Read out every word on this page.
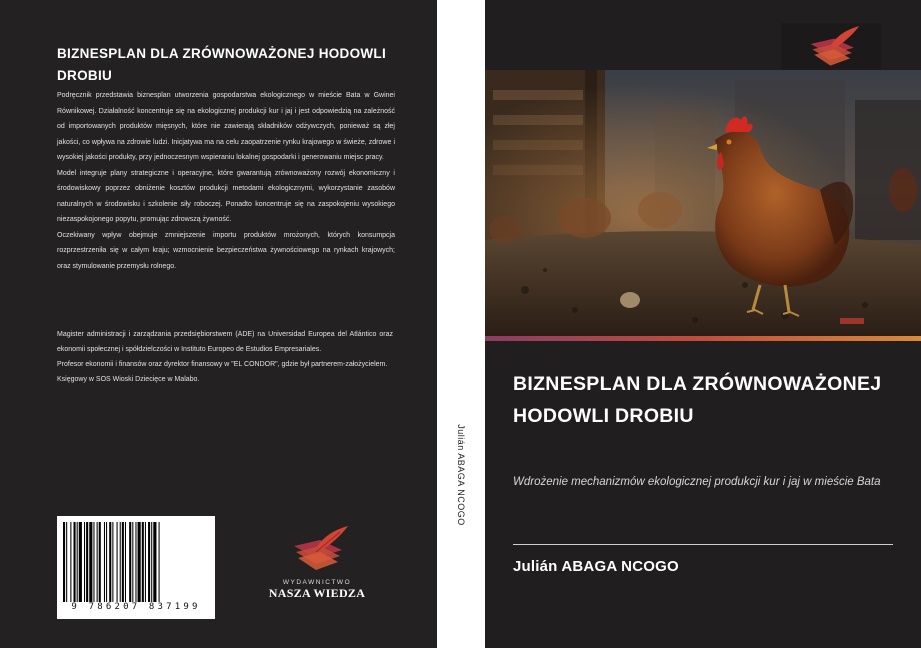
BIZNESPLAN DLA ZRÓWNOWAŻONEJ HODOWLI DROBIU

Podręcznik przedstawia biznesplan utworzenia gospodarstwa ekologicznego w mieście Bata w Gwinei Równikowej. Działalność koncentruje się na ekologicznej produkcji kur i jaj i jest odpowiedzią na zależność od importowanych produktów mięsnych, które nie zawierają składników odżywczych, ponieważ są złej jakości, co wpływa na zdrowie ludzi. Inicjatywa ma na celu zaopatrzenie rynku krajowego w świeże, zdrowe i wysokiej jakości produkty, przy jednoczesnym wspieraniu lokalnej gospodarki i generowaniu miejsc pracy.

Model integruje plany strategiczne i operacyjne, które gwarantują zrównoważony rozwój ekonomiczny i środowiskowy poprzez obniżenie kosztów produkcji metodami ekologicznymi, wykorzystanie zasobów naturalnych w środowisku i szkolenie siły roboczej. Ponadto koncentruje się na zaspokojeniu wysokiego niezaspokojonego popytu, promując zdrowszą żywność.

Oczekiwany wpływ obejmuje zmniejszenie importu produktów mrożonych, których konsumpcja rozprzestrzeniła się w całym kraju; wzmocnienie bezpieczeństwa żywnościowego na rynkach krajowych; oraz stymulowanie przemysłu rolnego.

Magister administracji i zarządzania przedsiębiorstwem (ADE) na Universidad Europea del Atlántico oraz ekonomii społecznej i spółdzielczości w Instituto Europeo de Estudios Empresariales.

Profesor ekonomii i finansów oraz dyrektor finansowy w "EL CONDOR", gdzie był partnerem-założycielem.

Księgowy w SOS Wioski Dziecięce w Malabo.

9 786207 837199
WYDAWNICTWO
NASZA WIEDZA
Julián ABAGA NCOGO
BIZNESPLAN DLA ZRÓWNOWAŻONEJ HODOWLI DROBIU
Wdrożenie mechanizmów ekologicznej produkcji kur i jaj w mieście Bata
Julián ABAGA NCOGO
